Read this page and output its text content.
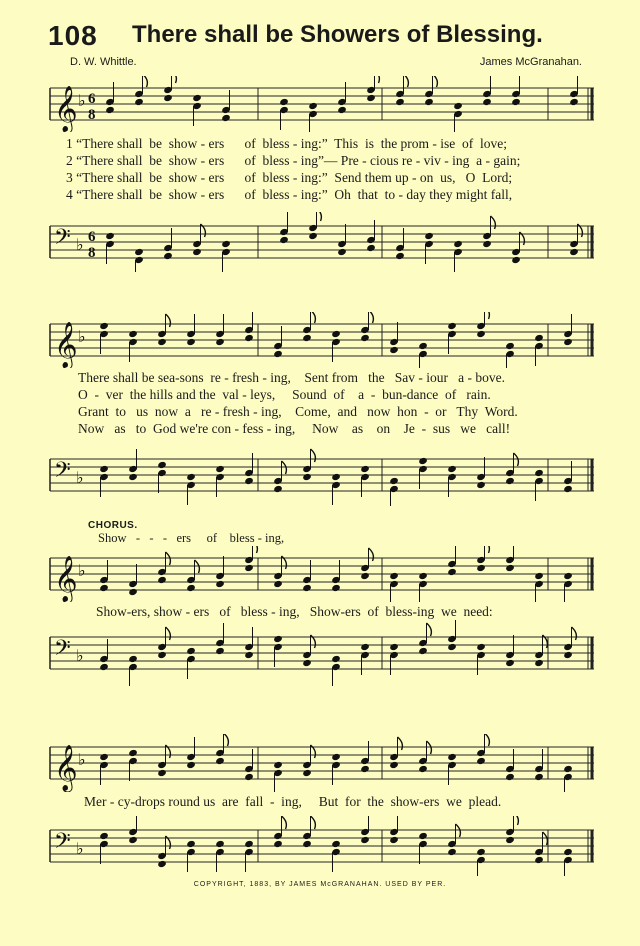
108 There shall be Showers of Blessing.
D. W. Whittle.	James McGranahan.
𝄞 ♭ 6
8
1 “There shall  be  show - ers      of  bless - ing:”  This  is  the prom - ise  of  love;
2 “There shall  be  show - ers      of  bless - ing”— Pre - cious re - viv - ing  a - gain;
3 “There shall  be  show - ers      of  bless - ing:”  Send them up - on  us,   O  Lord;
4 “There shall  be  show - ers      of  bless - ing:”  Oh  that  to - day they might fall,
𝄢 ♭ 6
8
𝄞 ♭
There shall be sea-sons  re - fresh - ing,    Sent from   the   Sav - iour   a - bove.
O  -  ver  the hills and the  val - leys,     Sound  of    a  -  bun-dance  of   rain.
Grant  to   us  now  a   re - fresh - ing,    Come,  and   now  hon  -  or   Thy  Word.
Now   as   to  God we're con - fess - ing,     Now    as    on    Je  -  sus   we   call!
𝄢 ♭
CHORUS.
Show   -   -   -   ers     of    bless - ing,
𝄞 ♭
Show-ers, show - ers   of   bless - ing,   Show-ers  of  bless-ing  we  need:
𝄢 ♭
𝄞 ♭
Mer - cy-drops round us  are  fall  -  ing,     But  for  the  show-ers  we  plead.
𝄢 ♭
COPYRIGHT, 1883, BY JAMES McGRANAHAN. USED BY PER.
